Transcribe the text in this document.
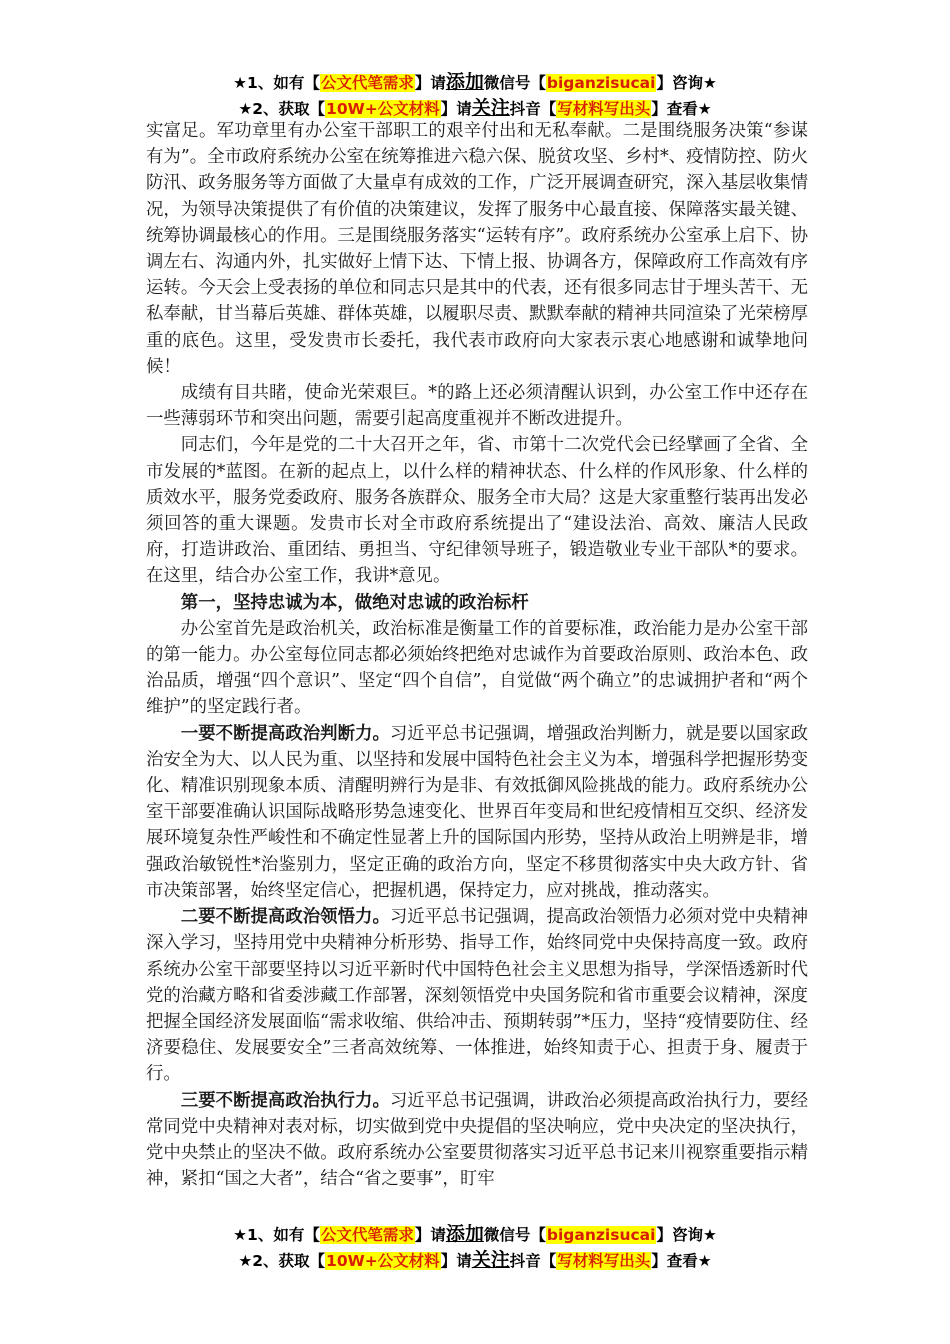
★1、如有【公文代笔需求】请添加微信号【biganzisucai】咨询★
★2、获取【10W+公文材料】请关注抖音【写材料写出头】查看★

实富足。军功章里有办公室干部职工的艰辛付出和无私奉献。二是围绕服务决策“参谋有为”。全市政府系统办公室在统筹推进六稳六保、脱贫攻坚、乡村*、疫情防控、防火防汛、政务服务等方面做了大量卓有成效的工作，广泛开展调查研究，深入基层收集情况，为领导决策提供了有价值的决策建议，发挥了服务中心最直接、保障落实最关键、统筹协调最核心的作用。三是围绕服务落实“运转有序”。政府系统办公室承上启下、协调左右、沟通内外，扎实做好上情下达、下情上报、协调各方，保障政府工作高效有序运转。今天会上受表扬的单位和同志只是其中的代表，还有很多同志甘于埋头苦干、无私奉献，甘当幕后英雄、群体英雄，以履职尽责、默默奉献的精神共同渲染了光荣榜厚重的底色。这里，受发贵市长委托，我代表市政府向大家表示衷心地感谢和诚挚地问候！

成绩有目共睹，使命光荣艰巨。*的路上还必须清醒认识到，办公室工作中还存在一些薄弱环节和突出问题，需要引起高度重视并不断改进提升。

同志们，今年是党的二十大召开之年，省、市第十二次党代会已经擘画了全省、全市发展的*蓝图。在新的起点上，以什么样的精神状态、什么样的作风形象、什么样的质效水平，服务党委政府、服务各族群众、服务全市大局？这是大家重整行装再出发必须回答的重大课题。发贵市长对全市政府系统提出了“建设法治、高效、廉洁人民政府，打造讲政治、重团结、勇担当、守纪律领导班子，锻造敬业专业干部队*的要求。在这里，结合办公室工作，我讲*意见。

第一，坚持忠诚为本，做绝对忠诚的政治标杆

办公室首先是政治机关，政治标准是衡量工作的首要标准，政治能力是办公室干部的第一能力。办公室每位同志都必须始终把绝对忠诚作为首要政治原则、政治本色、政治品质，增强“四个意识”、坚定“四个自信”，自觉做“两个确立”的忠诚拥护者和“两个维护”的坚定践行者。

一要不断提高政治判断力。习近平总书记强调，增强政治判断力，就是要以国家政治安全为大、以人民为重、以坚持和发展中国特色社会主义为本，增强科学把握形势变化、精准识别现象本质、清醒明辨行为是非、有效抵御风险挑战的能力。政府系统办公室干部要准确认识国际战略形势急速变化、世界百年变局和世纪疫情相互交织、经济发展环境复杂性严峻性和不确定性显著上升的国际国内形势，坚持从政治上明辨是非，增强政治敏锐性*治鉴别力，坚定正确的政治方向，坚定不移贯彻落实中央大政方针、省市决策部署，始终坚定信心，把握机遇，保持定力，应对挑战，推动落实。

二要不断提高政治领悟力。习近平总书记强调，提高政治领悟力必须对党中央精神深入学习，坚持用党中央精神分析形势、指导工作，始终同党中央保持高度一致。政府系统办公室干部要坚持以习近平新时代中国特色社会主义思想为指导，学深悟透新时代党的治藏方略和省委涉藏工作部署，深刻领悟党中央国务院和省市重要会议精神，深度把握全国经济发展面临“需求收缩、供给冲击、预期转弱”*压力，坚持“疫情要防住、经济要稳住、发展要安全”三者高效统筹、一体推进，始终知责于心、担责于身、履责于行。

三要不断提高政治执行力。习近平总书记强调，讲政治必须提高政治执行力，要经常同党中央精神对表对标，切实做到党中央提倡的坚决响应，党中央决定的坚决执行，党中央禁止的坚决不做。政府系统办公室要贯彻落实习近平总书记来川视察重要指示精神，紧扣“国之大者”，结合“省之要事”，盯牢

★1、如有【公文代笔需求】请添加微信号【biganzisucai】咨询★
★2、获取【10W+公文材料】请关注抖音【写材料写出头】查看★
